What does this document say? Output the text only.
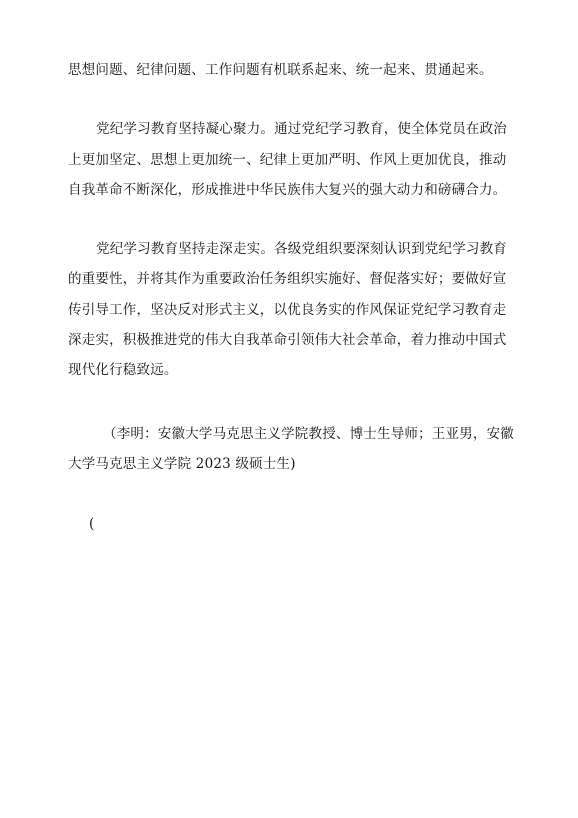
思想问题、纪律问题、工作问题有机联系起来、统一起来、贯通起来。
党纪学习教育坚持凝心聚力。通过党纪学习教育，使全体党员在政治
上更加坚定、思想上更加统一、纪律上更加严明、作风上更加优良，推动
自我革命不断深化，形成推进中华民族伟大复兴的强大动力和磅礴合力。
党纪学习教育坚持走深走实。各级党组织要深刻认识到党纪学习教育
的重要性，并将其作为重要政治任务组织实施好、督促落实好；要做好宣
传引导工作，坚决反对形式主义，以优良务实的作风保证党纪学习教育走
深走实，积极推进党的伟大自我革命引领伟大社会革命，着力推动中国式
现代化行稳致远。
（李明：安徽大学马克思主义学院教授、博士生导师；王亚男，安徽
大学马克思主义学院 2023 级硕士生)
(
